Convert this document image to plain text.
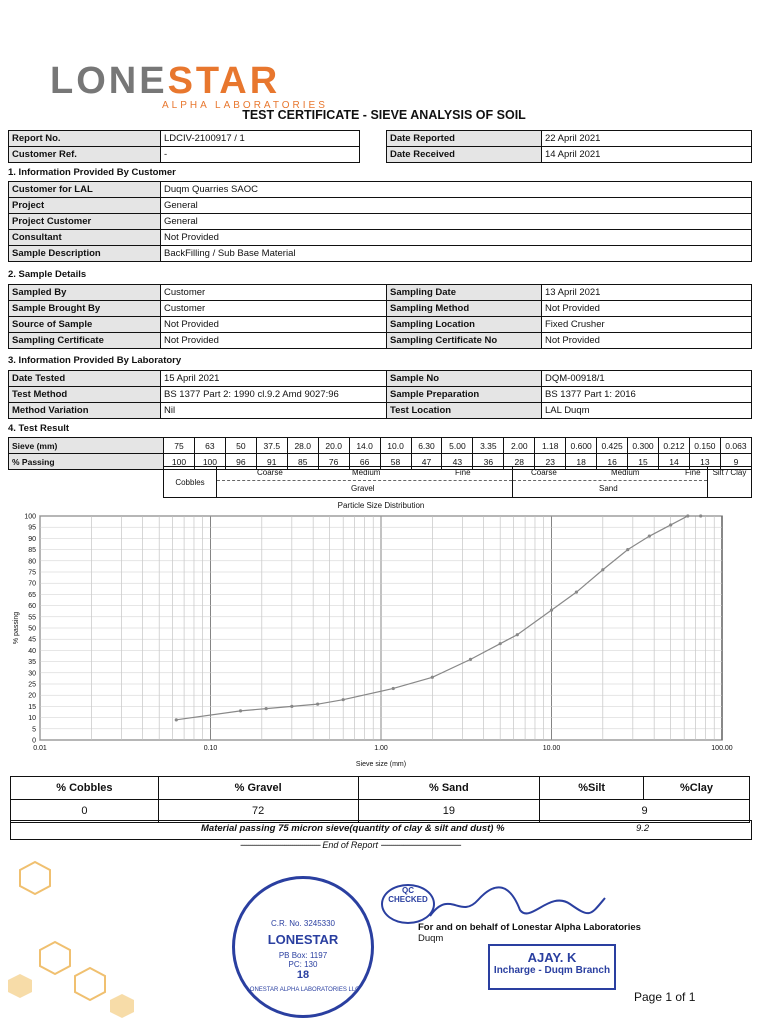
LONESTAR
ALPHA LABORATORIES
TEST CERTIFICATE - SIEVE ANALYSIS OF SOIL
Report No.	LDCIV-2100917 / 1
Customer Ref.	-
Date Reported	22 April 2021
Date Received	14 April 2021
1. Information Provided By Customer
Customer for LAL	Duqm Quarries SAOC
Project	General
Project Customer	General
Consultant	Not Provided
Sample Description	BackFilling / Sub Base Material
2. Sample Details
Sampled By	Customer	Sampling Date	13 April 2021
Sample Brought By	Customer	Sampling Method	Not Provided
Source of Sample	Not Provided	Sampling Location	Fixed Crusher
Sampling Certificate	Not Provided	Sampling Certificate No	Not Provided
3. Information Provided By Laboratory
Date Tested	15 April 2021	Sample No	DQM-00918/1
Test Method	BS 1377 Part 2: 1990 cl.9.2 Amd 9027:96	Sample Preparation	BS 1377 Part 1: 2016
Method Variation	Nil	Test Location	LAL Duqm
4. Test Result
Sieve (mm)	75	63	50	37.5	28.0	20.0	14.0	10.0	6.30	5.00	3.35	2.00	1.18	0.600	0.425	0.300	0.212	0.150	0.063
% Passing	100	100	96	91	85	76	66	58	47	43	36	28	23	18	16	15	14	13	9
Cobbles
Coarse	Medium	Fine
Gravel
Coarse	Medium	Fine
Sand
Silt / Clay
0
5
10
15
20
25
30
35
40
45
50
55
60
65
70
75
80
85
90
95
100
0.01	0.10	1.00	10.00	100.00
Particle Size Distribution
Sieve size (mm)
% passing
% Cobbles	% Gravel	% Sand	%Silt	%Clay
0	72	19	9	
Material passing 75 micron sieve(quantity of clay & silt and dust) %	9.2
---------------------------------------- End of Report ----------------------------------------
C.R. No. 3245330
LONESTAR
PB Box: 1197
PC: 130
18
LONESTAR ALPHA LABORATORIES LLC
QC CHECKED
For and on behalf of Lonestar Alpha Laboratories
Duqm
AJAY. K
Incharge - Duqm Branch
Page 1 of 1
